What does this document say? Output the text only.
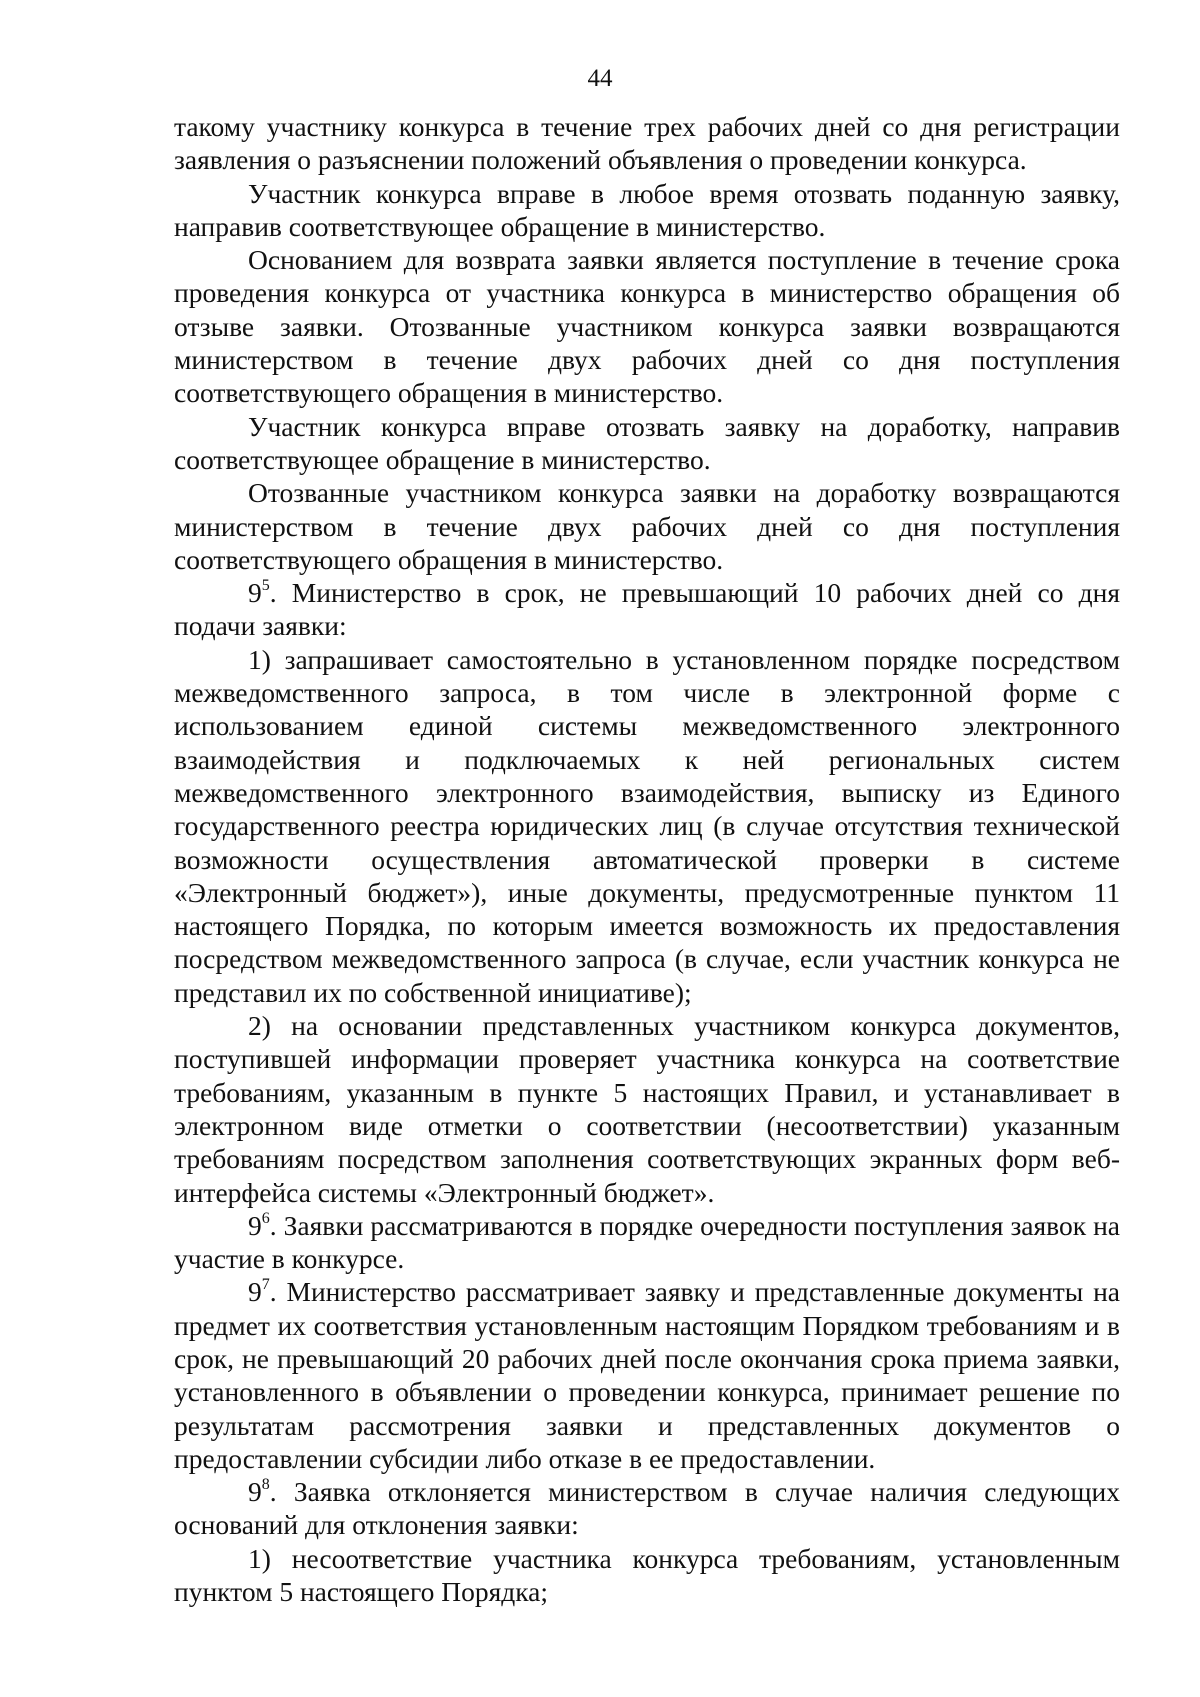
44

такому участнику конкурса в течение трех рабочих дней со дня регистрации заявления о разъяснении положений объявления о проведении конкурса.

Участник конкурса вправе в любое время отозвать поданную заявку, направив соответствующее обращение в министерство.

Основанием для возврата заявки является поступление в течение срока проведения конкурса от участника конкурса в министерство обращения об отзыве заявки. Отозванные участником конкурса заявки возвращаются министерством в течение двух рабочих дней со дня поступления соответствующего обращения в министерство.

Участник конкурса вправе отозвать заявку на доработку, направив соответствующее обращение в министерство.

Отозванные участником конкурса заявки на доработку возвращаются министерством в течение двух рабочих дней со дня поступления соответствующего обращения в министерство.

$9^5$. Министерство в срок, не превышающий 10 рабочих дней со дня подачи заявки:

1) запрашивает самостоятельно в установленном порядке посредством межведомственного запроса, в том числе в электронной форме с использованием единой системы межведомственного электронного взаимодействия и подключаемых к ней региональных систем межведомственного электронного взаимодействия, выписку из Единого государственного реестра юридических лиц (в случае отсутствия технической возможности осуществления автоматической проверки в системе «Электронный бюджет»), иные документы, предусмотренные пунктом 11 настоящего Порядка, по которым имеется возможность их предоставления посредством межведомственного запроса (в случае, если участник конкурса не представил их по собственной инициативе);

2) на основании представленных участником конкурса документов, поступившей информации проверяет участника конкурса на соответствие требованиям, указанным в пункте 5 настоящих Правил, и устанавливает в электронном виде отметки о соответствии (несоответствии) указанным требованиям посредством заполнения соответствующих экранных форм веб-интерфейса системы «Электронный бюджет».

$9^6$. Заявки рассматриваются в порядке очередности поступления заявок на участие в конкурсе.

$9^7$. Министерство рассматривает заявку и представленные документы на предмет их соответствия установленным настоящим Порядком требованиям и в срок, не превышающий 20 рабочих дней после окончания срока приема заявки, установленного в объявлении о проведении конкурса, принимает решение по результатам рассмотрения заявки и представленных документов о предоставлении субсидии либо отказе в ее предоставлении.

$9^8$. Заявка отклоняется министерством в случае наличия следующих оснований для отклонения заявки:

1) несоответствие участника конкурса требованиям, установленным пунктом 5 настоящего Порядка;
